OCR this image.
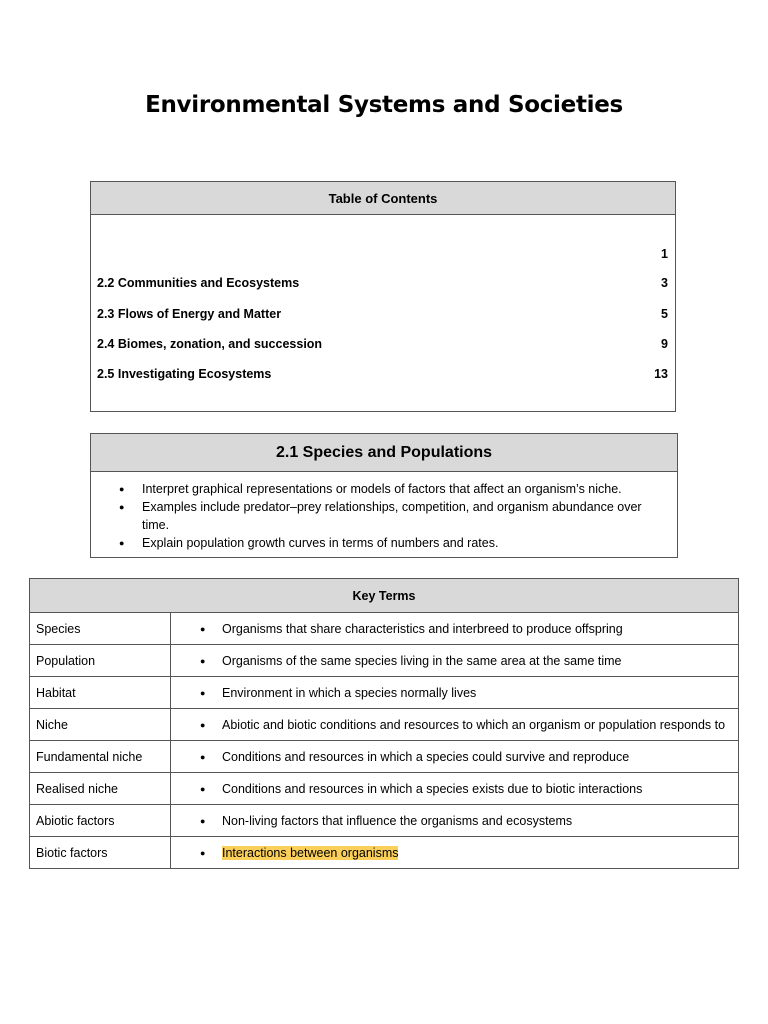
Environmental Systems and Societies
Table of Contents
1
2.2 Communities and Ecosystems	3
2.3 Flows of Energy and Matter	5
2.4 Biomes, zonation, and succession	9
2.5 Investigating Ecosystems	13
2.1 Species and Populations
● Interpret graphical representations or models of factors that affect an organism’s niche.
● Examples include predator–prey relationships, competition, and organism abundance over time.
● Explain population growth curves in terms of numbers and rates.
Key Terms	
Species	● Organisms that share characteristics and interbreed to produce offspring
Population	● Organisms of the same species living in the same area at the same time
Habitat	● Environment in which a species normally lives
Niche	● Abiotic and biotic conditions and resources to which an organism or population responds to
Fundamental niche	● Conditions and resources in which a species could survive and reproduce
Realised niche	● Conditions and resources in which a species exists due to biotic interactions
Abiotic factors	● Non-living factors that influence the organisms and ecosystems
Biotic factors	● Interactions between organisms
